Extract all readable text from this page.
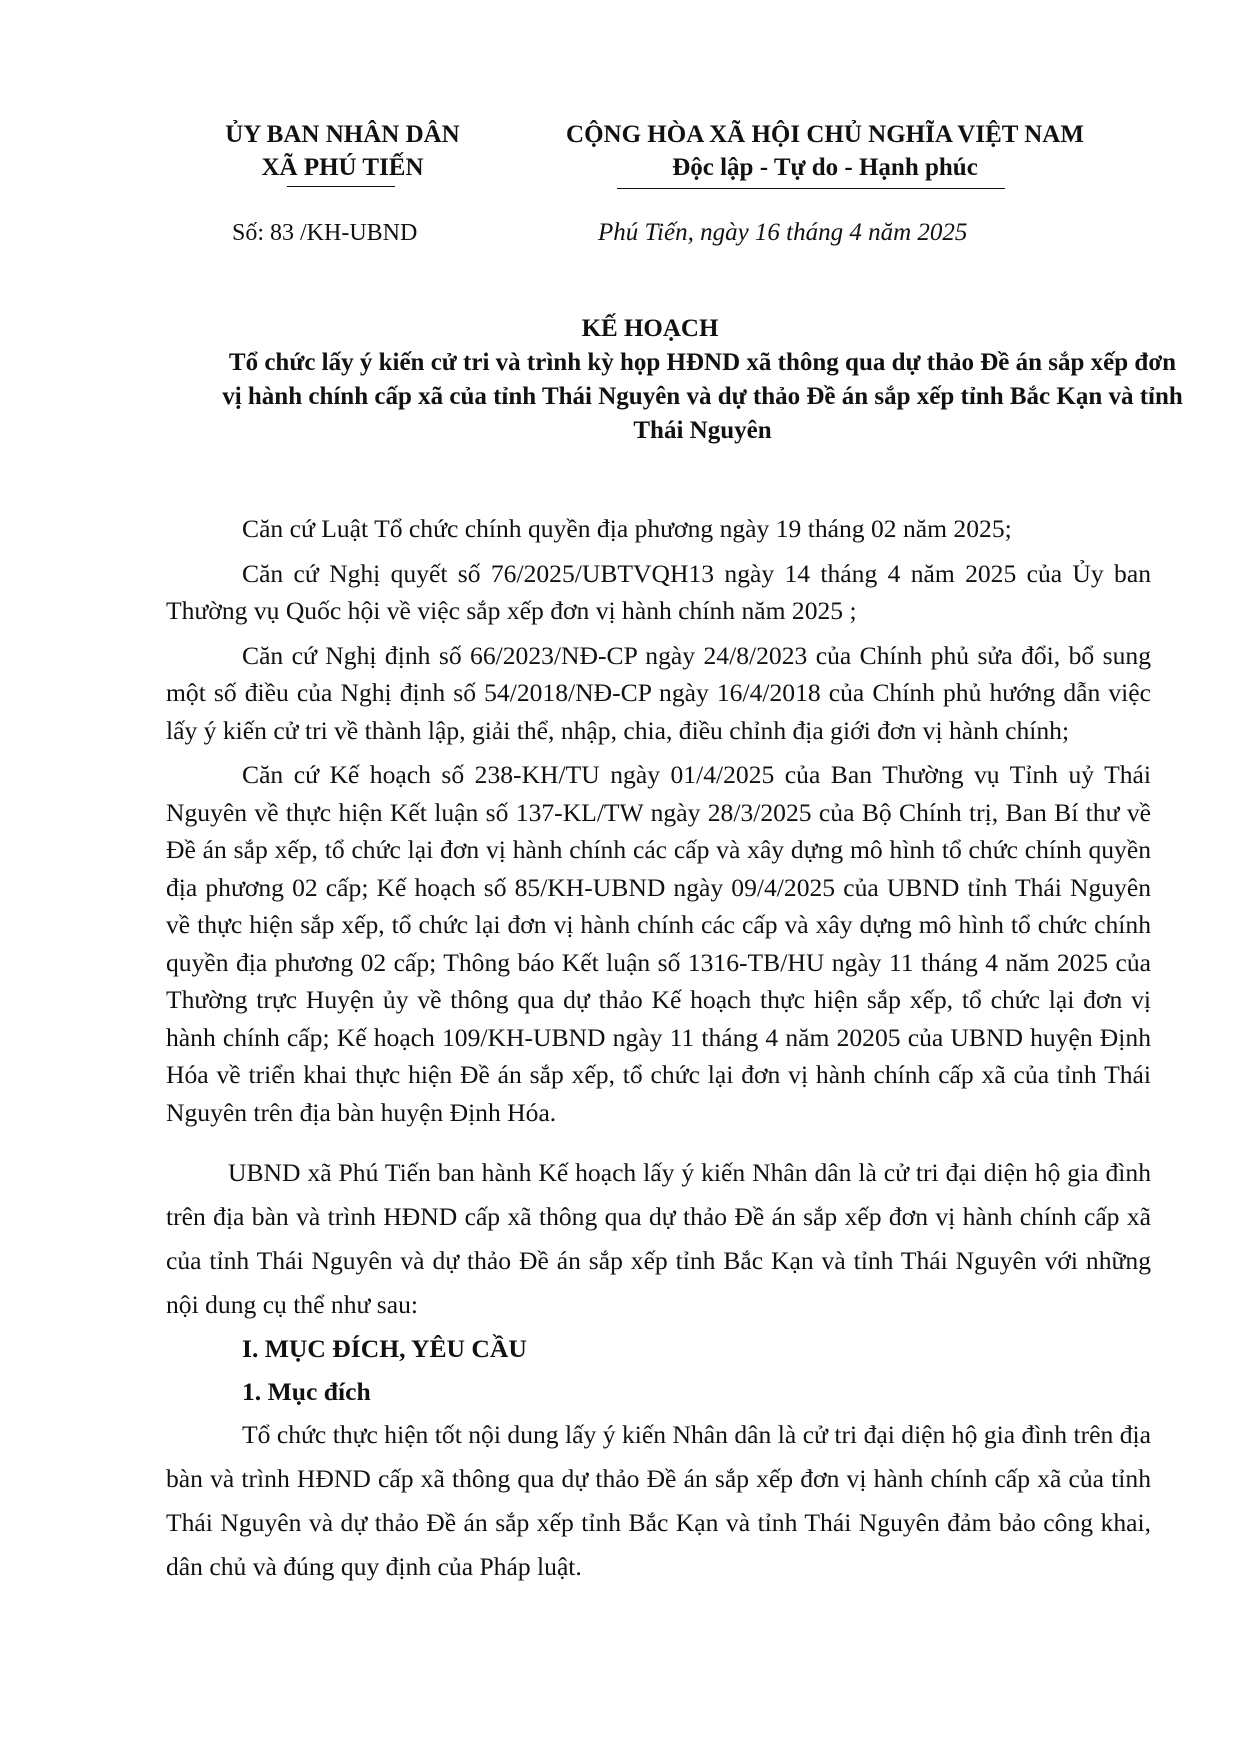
ỦY BAN NHÂN DÂN
XÃ PHÚ TIẾN
CỘNG HÒA XÃ HỘI CHỦ NGHĨA VIỆT NAM
Độc lập - Tự do - Hạnh phúc
Số: 83 /KH-UBND	Phú Tiến, ngày 16 tháng 4 năm 2025
KẾ HOẠCH
Tổ chức lấy ý kiến cử tri và trình kỳ họp HĐND xã thông qua dự thảo Đề án sắp xếp đơn vị hành chính cấp xã của tỉnh Thái Nguyên và dự thảo Đề án sắp xếp tỉnh Bắc Kạn và tỉnh Thái Nguyên

Căn cứ Luật Tổ chức chính quyền địa phương ngày 19 tháng 02 năm 2025;

Căn cứ Nghị quyết số 76/2025/UBTVQH13 ngày 14 tháng 4 năm 2025 của Ủy ban Thường vụ Quốc hội về việc sắp xếp đơn vị hành chính năm 2025 ;

Căn cứ Nghị định số 66/2023/NĐ-CP ngày 24/8/2023 của Chính phủ sửa đổi, bổ sung một số điều của Nghị định số 54/2018/NĐ-CP ngày 16/4/2018 của Chính phủ hướng dẫn việc lấy ý kiến cử tri về thành lập, giải thể, nhập, chia, điều chỉnh địa giới đơn vị hành chính;

Căn cứ Kế hoạch số 238-KH/TU ngày 01/4/2025 của Ban Thường vụ Tỉnh uỷ Thái Nguyên về thực hiện Kết luận số 137-KL/TW ngày 28/3/2025 của Bộ Chính trị, Ban Bí thư về Đề án sắp xếp, tổ chức lại đơn vị hành chính các cấp và xây dựng mô hình tổ chức chính quyền địa phương 02 cấp; Kế hoạch số 85/KH-UBND ngày 09/4/2025 của UBND tỉnh Thái Nguyên về thực hiện sắp xếp, tổ chức lại đơn vị hành chính các cấp và xây dựng mô hình tổ chức chính quyền địa phương 02 cấp; Thông báo Kết luận số 1316-TB/HU ngày 11 tháng 4 năm 2025 của Thường trực Huyện ủy về thông qua dự thảo Kế hoạch thực hiện sắp xếp, tổ chức lại đơn vị hành chính cấp; Kế hoạch 109/KH-UBND ngày 11 tháng 4 năm 20205 của UBND huyện Định Hóa về triển khai thực hiện Đề án sắp xếp, tổ chức lại đơn vị hành chính cấp xã của tỉnh Thái Nguyên trên địa bàn huyện Định Hóa.

UBND xã Phú Tiến ban hành Kế hoạch lấy ý kiến Nhân dân là cử tri đại diện hộ gia đình trên địa bàn và trình HĐND cấp xã thông qua dự thảo Đề án sắp xếp đơn vị hành chính cấp xã của tỉnh Thái Nguyên và dự thảo Đề án sắp xếp tỉnh Bắc Kạn và tỉnh Thái Nguyên với những nội dung cụ thể như sau:

I. MỤC ĐÍCH, YÊU CẦU

1. Mục đích

Tổ chức thực hiện tốt nội dung lấy ý kiến Nhân dân là cử tri đại diện hộ gia đình trên địa bàn và trình HĐND cấp xã thông qua dự thảo Đề án sắp xếp đơn vị hành chính cấp xã của tỉnh Thái Nguyên và dự thảo Đề án sắp xếp tỉnh Bắc Kạn và tỉnh Thái Nguyên đảm bảo công khai, dân chủ và đúng quy định của Pháp luật.
